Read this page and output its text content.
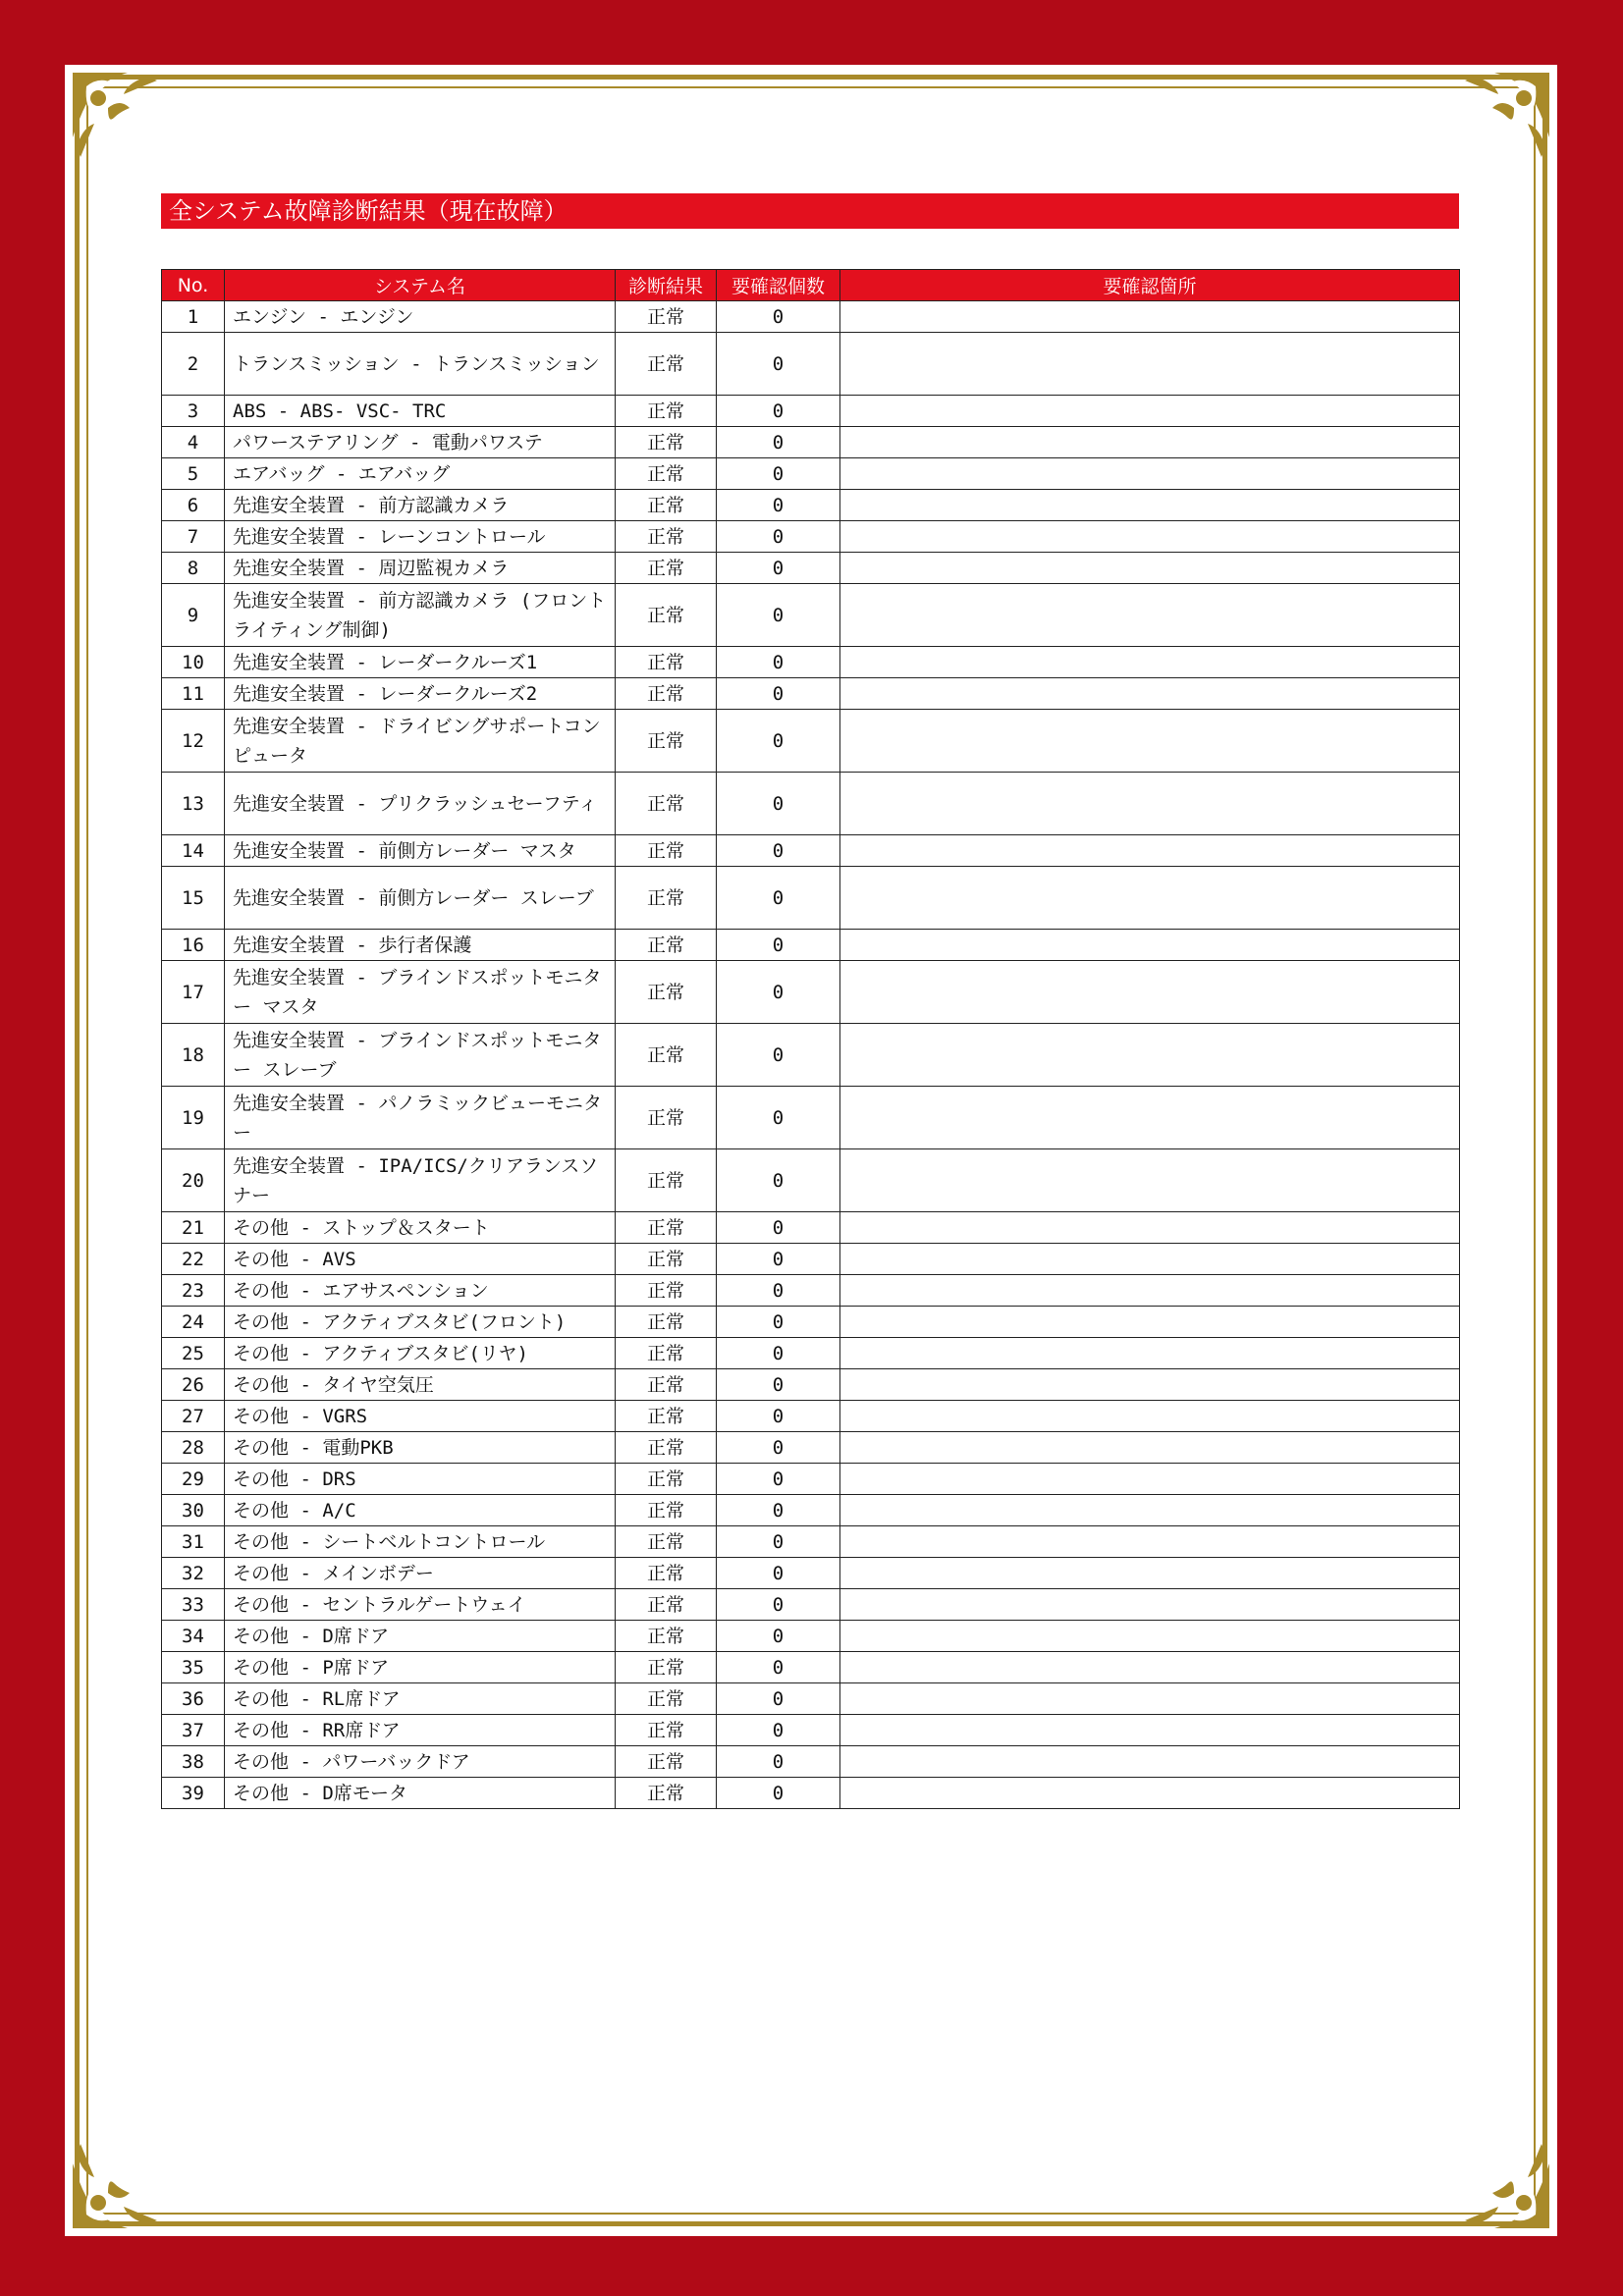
全システム故障診断結果（現在故障）
No.	システム名	診断結果	要確認個数	要確認箇所
1	エンジン - エンジン	正常	0	
2	トランスミッション - トランスミッション	正常	0	
3	ABS - ABS- VSC- TRC	正常	0	
4	パワーステアリング - 電動パワステ	正常	0	
5	エアバッグ - エアバッグ	正常	0	
6	先進安全装置 - 前方認識カメラ	正常	0	
7	先進安全装置 - レーンコントロール	正常	0	
8	先進安全装置 - 周辺監視カメラ	正常	0	
9	先進安全装置 - 前方認識カメラ (フロントライティング制御)	正常	0	
10	先進安全装置 - レーダークルーズ1	正常	0	
11	先進安全装置 - レーダークルーズ2	正常	0	
12	先進安全装置 - ドライビングサポートコンピュータ	正常	0	
13	先進安全装置 - プリクラッシュセーフティ	正常	0	
14	先進安全装置 - 前側方レーダー マスタ	正常	0	
15	先進安全装置 - 前側方レーダー スレーブ	正常	0	
16	先進安全装置 - 歩行者保護	正常	0	
17	先進安全装置 - ブラインドスポットモニター マスタ	正常	0	
18	先進安全装置 - ブラインドスポットモニター スレーブ	正常	0	
19	先進安全装置 - パノラミックビューモニター	正常	0	
20	先進安全装置 - IPA/ICS/クリアランスソナー	正常	0	
21	その他 - ストップ＆スタート	正常	0	
22	その他 - AVS	正常	0	
23	その他 - エアサスペンション	正常	0	
24	その他 - アクティブスタビ(フロント)	正常	0	
25	その他 - アクティブスタビ(リヤ)	正常	0	
26	その他 - タイヤ空気圧	正常	0	
27	その他 - VGRS	正常	0	
28	その他 - 電動PKB	正常	0	
29	その他 - DRS	正常	0	
30	その他 - A/C	正常	0	
31	その他 - シートベルトコントロール	正常	0	
32	その他 - メインボデー	正常	0	
33	その他 - セントラルゲートウェイ	正常	0	
34	その他 - D席ドア	正常	0	
35	その他 - P席ドア	正常	0	
36	その他 - RL席ドア	正常	0	
37	その他 - RR席ドア	正常	0	
38	その他 - パワーバックドア	正常	0	
39	その他 - D席モータ	正常	0	
